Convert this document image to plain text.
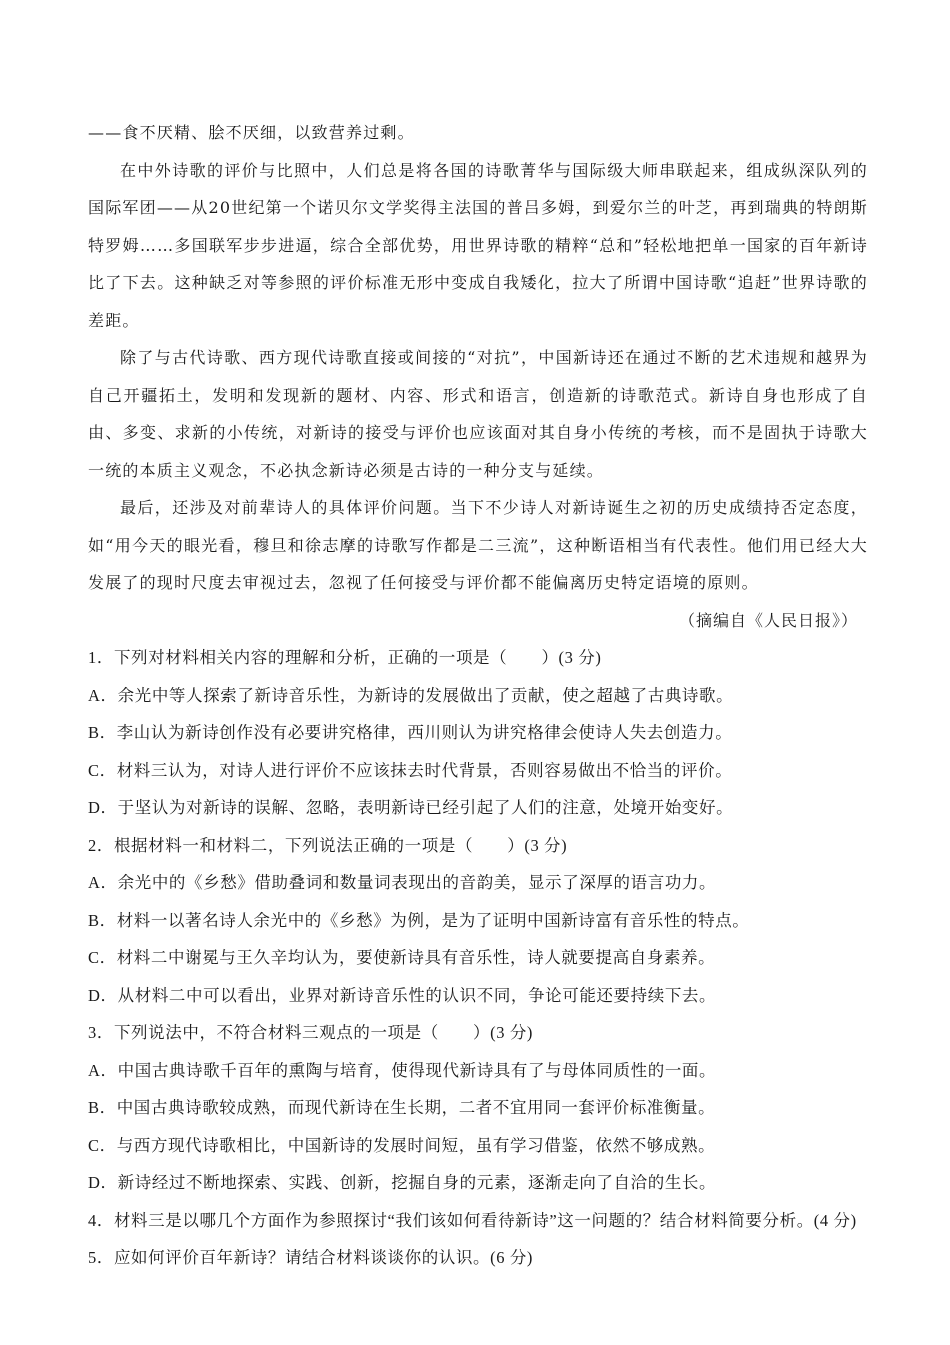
——食不厌精、脍不厌细，以致营养过剩。

在中外诗歌的评价与比照中，人们总是将各国的诗歌菁华与国际级大师串联起来，组成纵深队列的国际军团——从20世纪第一个诺贝尔文学奖得主法国的普吕多姆，到爱尔兰的叶芝，再到瑞典的特朗斯特罗姆……多国联军步步进逼，综合全部优势，用世界诗歌的精粹“总和”轻松地把单一国家的百年新诗比了下去。这种缺乏对等参照的评价标准无形中变成自我矮化，拉大了所谓中国诗歌“追赶”世界诗歌的差距。

除了与古代诗歌、西方现代诗歌直接或间接的“对抗”，中国新诗还在通过不断的艺术违规和越界为自己开疆拓土，发明和发现新的题材、内容、形式和语言，创造新的诗歌范式。新诗自身也形成了自由、多变、求新的小传统，对新诗的接受与评价也应该面对其自身小传统的考核，而不是固执于诗歌大一统的本质主义观念，不必执念新诗必须是古诗的一种分支与延续。

最后，还涉及对前辈诗人的具体评价问题。当下不少诗人对新诗诞生之初的历史成绩持否定态度，如“用今天的眼光看，穆旦和徐志摩的诗歌写作都是二三流”，这种断语相当有代表性。他们用已经大大发展了的现时尺度去审视过去，忽视了任何接受与评价都不能偏离历史特定语境的原则。

（摘编自《人民日报》）

1．下列对材料相关内容的理解和分析，正确的一项是（　　）(3 分)

A．余光中等人探索了新诗音乐性，为新诗的发展做出了贡献，使之超越了古典诗歌。

B．李山认为新诗创作没有必要讲究格律，西川则认为讲究格律会使诗人失去创造力。

C．材料三认为，对诗人进行评价不应该抹去时代背景，否则容易做出不恰当的评价。

D．于坚认为对新诗的误解、忽略，表明新诗已经引起了人们的注意，处境开始变好。

2．根据材料一和材料二，下列说法正确的一项是（　　）(3 分)

A．余光中的《乡愁》借助叠词和数量词表现出的音韵美，显示了深厚的语言功力。

B．材料一以著名诗人余光中的《乡愁》为例，是为了证明中国新诗富有音乐性的特点。

C．材料二中谢冕与王久辛均认为，要使新诗具有音乐性，诗人就要提高自身素养。

D．从材料二中可以看出，业界对新诗音乐性的认识不同，争论可能还要持续下去。

3．下列说法中，不符合材料三观点的一项是（　　）(3 分)

A．中国古典诗歌千百年的熏陶与培育，使得现代新诗具有了与母体同质性的一面。

B．中国古典诗歌较成熟，而现代新诗在生长期，二者不宜用同一套评价标准衡量。

C．与西方现代诗歌相比，中国新诗的发展时间短，虽有学习借鉴，依然不够成熟。

D．新诗经过不断地探索、实践、创新，挖掘自身的元素，逐渐走向了自洽的生长。

4．材料三是以哪几个方面作为参照探讨“我们该如何看待新诗”这一问题的？结合材料简要分析。(4 分)

5．应如何评价百年新诗？请结合材料谈谈你的认识。(6 分)
